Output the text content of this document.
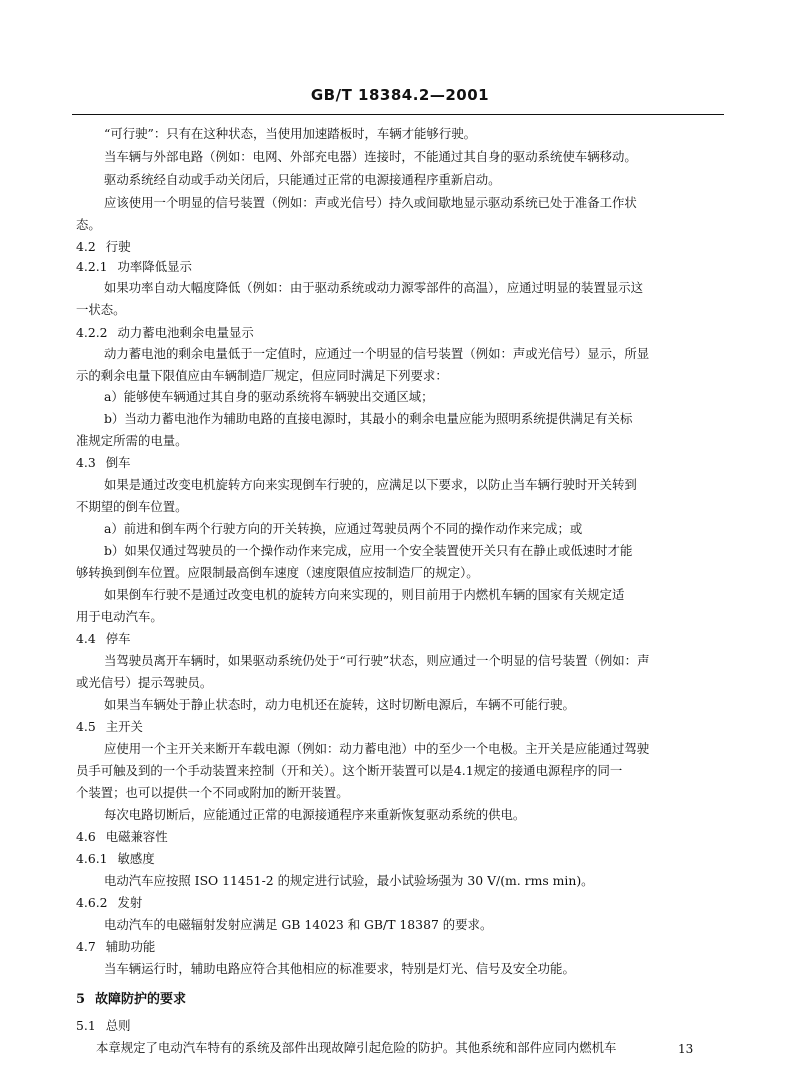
GB/T 18384.2—2001
“可行驶”：只有在这种状态，当使用加速踏板时，车辆才能够行驶。
当车辆与外部电路（例如：电网、外部充电器）连接时，不能通过其自身的驱动系统使车辆移动。
驱动系统经自动或手动关闭后，只能通过正常的电源接通程序重新启动。
应该使用一个明显的信号装置（例如：声或光信号）持久或间歇地显示驱动系统已处于准备工作状
态。
4.2 行驶
4.2.1 功率降低显示
如果功率自动大幅度降低（例如：由于驱动系统或动力源零部件的高温），应通过明显的装置显示这
一状态。
4.2.2 动力蓄电池剩余电量显示
动力蓄电池的剩余电量低于一定值时，应通过一个明显的信号装置（例如：声或光信号）显示，所显
示的剩余电量下限值应由车辆制造厂规定，但应同时满足下列要求：
a）能够使车辆通过其自身的驱动系统将车辆驶出交通区域；
b）当动力蓄电池作为辅助电路的直接电源时，其最小的剩余电量应能为照明系统提供满足有关标
准规定所需的电量。
4.3 倒车
如果是通过改变电机旋转方向来实现倒车行驶的，应满足以下要求，以防止当车辆行驶时开关转到
不期望的倒车位置。
a）前进和倒车两个行驶方向的开关转换，应通过驾驶员两个不同的操作动作来完成；或
b）如果仅通过驾驶员的一个操作动作来完成，应用一个安全装置使开关只有在静止或低速时才能
够转换到倒车位置。应限制最高倒车速度（速度限值应按制造厂的规定）。
如果倒车行驶不是通过改变电机的旋转方向来实现的，则目前用于内燃机车辆的国家有关规定适
用于电动汽车。
4.4 停车
当驾驶员离开车辆时，如果驱动系统仍处于“可行驶”状态，则应通过一个明显的信号装置（例如：声
或光信号）提示驾驶员。
如果当车辆处于静止状态时，动力电机还在旋转，这时切断电源后，车辆不可能行驶。
4.5 主开关
应使用一个主开关来断开车载电源（例如：动力蓄电池）中的至少一个电极。主开关是应能通过驾驶
员手可触及到的一个手动装置来控制（开和关）。这个断开装置可以是4.1规定的接通电源程序的同一
个装置；也可以提供一个不同或附加的断开装置。
每次电路切断后，应能通过正常的电源接通程序来重新恢复驱动系统的供电。
4.6 电磁兼容性
4.6.1 敏感度
电动汽车应按照 ISO 11451-2 的规定进行试验，最小试验场强为 30 V/(m. rms min)。
4.6.2 发射
电动汽车的电磁辐射发射应满足 GB 14023 和 GB/T 18387 的要求。
4.7 辅助功能
当车辆运行时，辅助电路应符合其他相应的标准要求，特别是灯光、信号及安全功能。
5 故障防护的要求
5.1 总则
本章规定了电动汽车特有的系统及部件出现故障引起危险的防护。其他系统和部件应同内燃机车	13
